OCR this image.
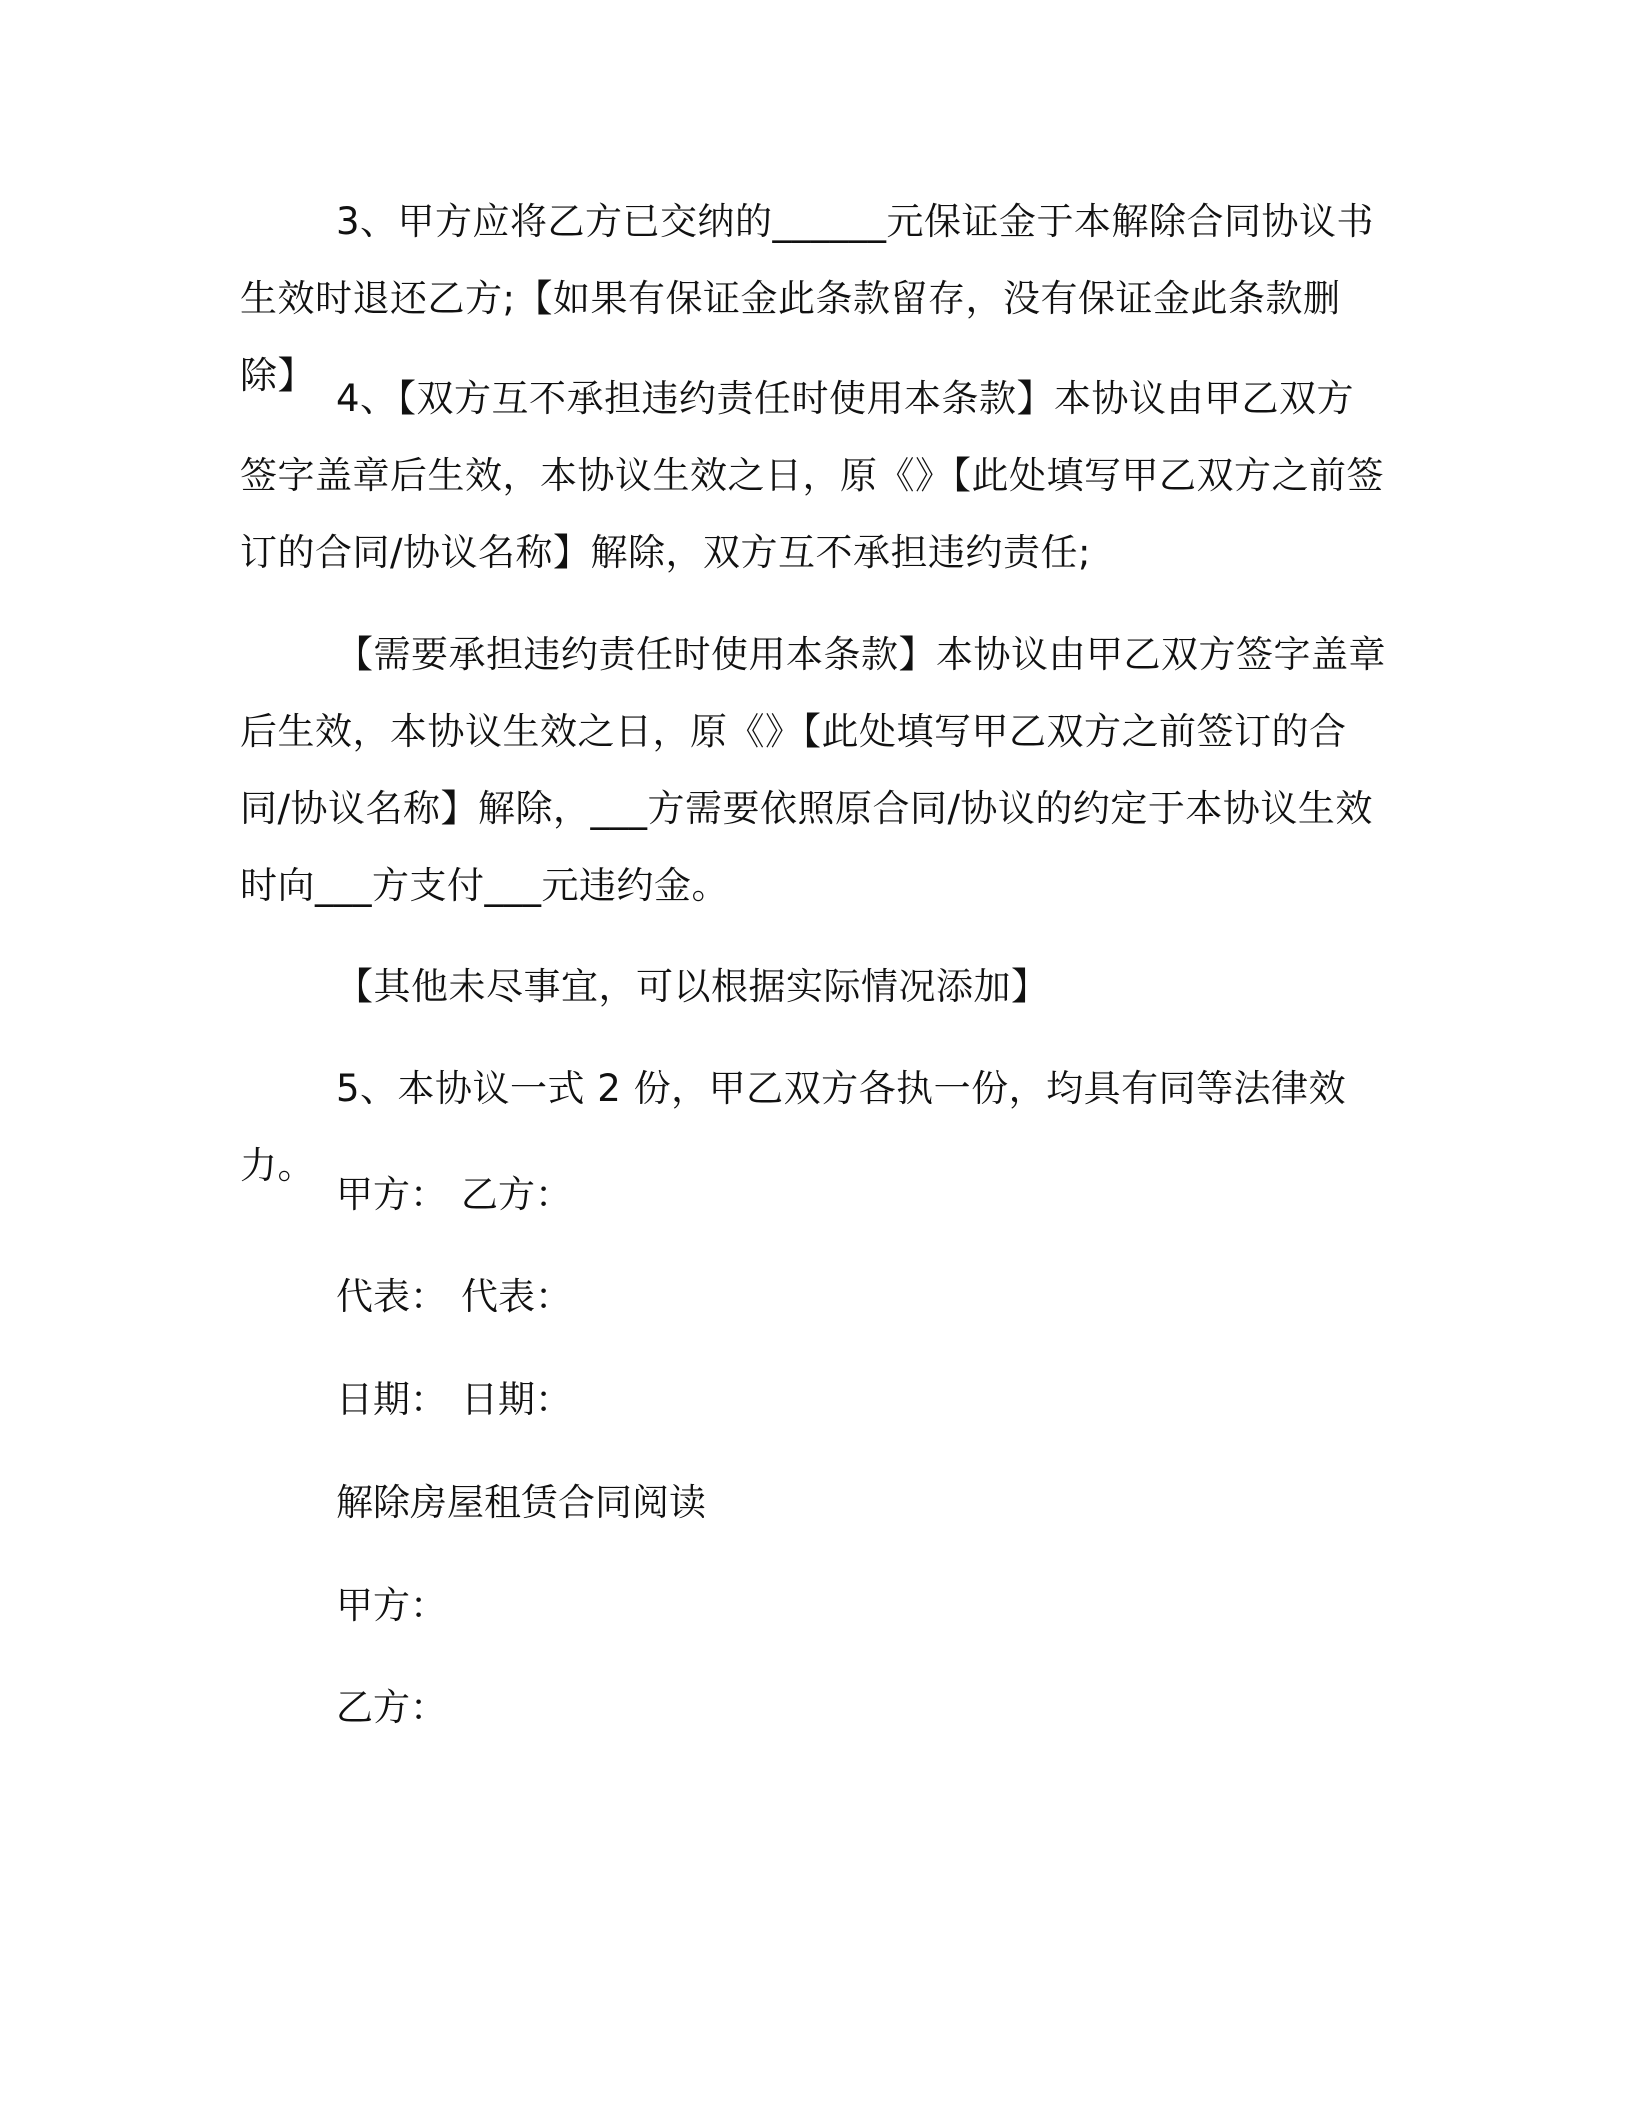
3、甲方应将乙方已交纳的______元保证金于本解除合同协议书生效时退还乙方;【如果有保证金此条款留存，没有保证金此条款删除】

4、【双方互不承担违约责任时使用本条款】本协议由甲乙双方签字盖章后生效，本协议生效之日，原《》【此处填写甲乙双方之前签订的合同/协议名称】解除，双方互不承担违约责任;

【需要承担违约责任时使用本条款】本协议由甲乙双方签字盖章后生效，本协议生效之日，原《》【此处填写甲乙双方之前签订的合同/协议名称】解除，___方需要依照原合同/协议的约定于本协议生效时向___方支付___元违约金。

【其他未尽事宜，可以根据实际情况添加】

5、本协议一式 2 份，甲乙双方各执一份，均具有同等法律效力。

甲方： 乙方：
代表： 代表：
日期： 日期：
解除房屋租赁合同阅读
甲方：
乙方：
